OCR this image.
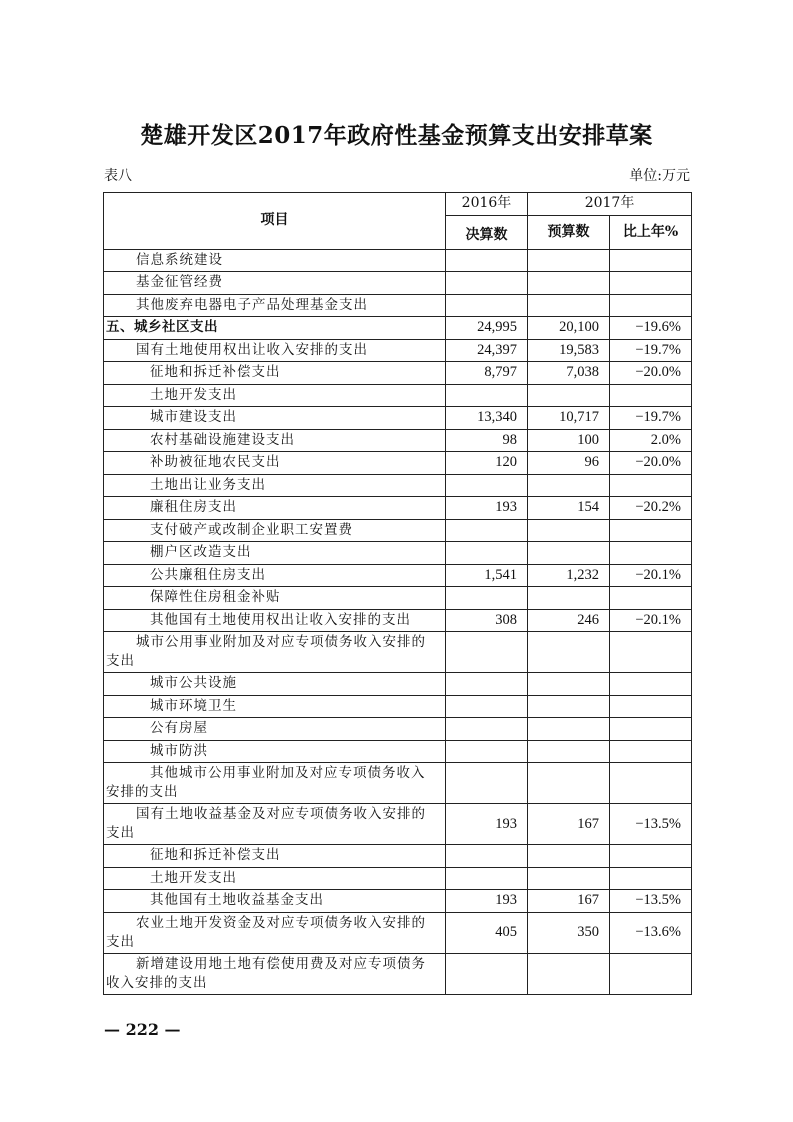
楚雄开发区2017年政府性基金预算支出安排草案
表八	单位:万元
项目	2016年	2017年	
	决算数	预算数	比上年%
信息系统建设			
基金征管经费			
其他废弃电器电子产品处理基金支出			
五、城乡社区支出	24,995	20,100	−19.6%
国有土地使用权出让收入安排的支出	24,397	19,583	−19.7%
征地和拆迁补偿支出	8,797	7,038	−20.0%
土地开发支出			
城市建设支出	13,340	10,717	−19.7%
农村基础设施建设支出	98	100	2.0%
补助被征地农民支出	120	96	−20.0%
土地出让业务支出			
廉租住房支出	193	154	−20.2%
支付破产或改制企业职工安置费			
棚户区改造支出			
公共廉租住房支出	1,541	1,232	−20.1%
保障性住房租金补贴			
其他国有土地使用权出让收入安排的支出	308	246	−20.1%
城市公用事业附加及对应专项债务收入安排的支出			
城市公共设施			
城市环境卫生			
公有房屋			
城市防洪			
其他城市公用事业附加及对应专项债务收入安排的支出			
国有土地收益基金及对应专项债务收入安排的支出	193	167	−13.5%
征地和拆迁补偿支出			
土地开发支出			
其他国有土地收益基金支出	193	167	−13.5%
农业土地开发资金及对应专项债务收入安排的支出	405	350	−13.6%
新增建设用地土地有偿使用费及对应专项债务收入安排的支出			
— 222 —
